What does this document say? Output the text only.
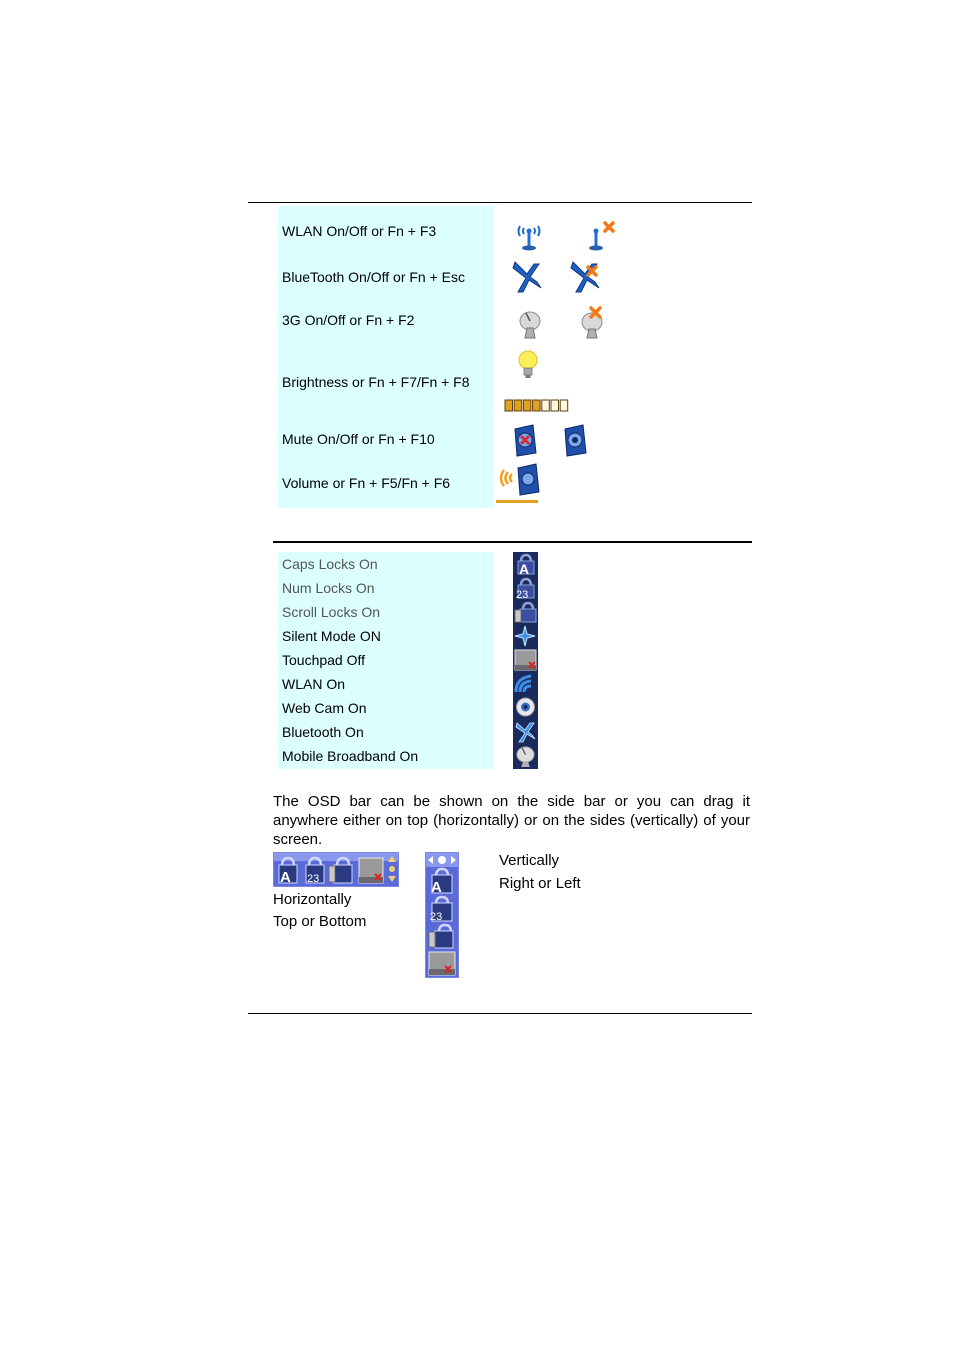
WLAN On/Off or Fn + F3
BlueTooth On/Off or Fn + Esc
3G On/Off or Fn + F2
Brightness or Fn + F7/Fn + F8
Mute On/Off or Fn + F10
Volume or Fn + F5/Fn + F6
Caps Locks On
Num Locks On
Scroll Locks On
Silent Mode ON
Touchpad Off
WLAN On
Web Cam On
Bluetooth On
Mobile Broadband On
A
23
The OSD bar can be shown on the side bar or you can drag it anywhere either on top (horizontally) or on the sides (vertically) of your screen.
A 23
Horizontally
Top or Bottom
A
23
Vertically
Right or Left
